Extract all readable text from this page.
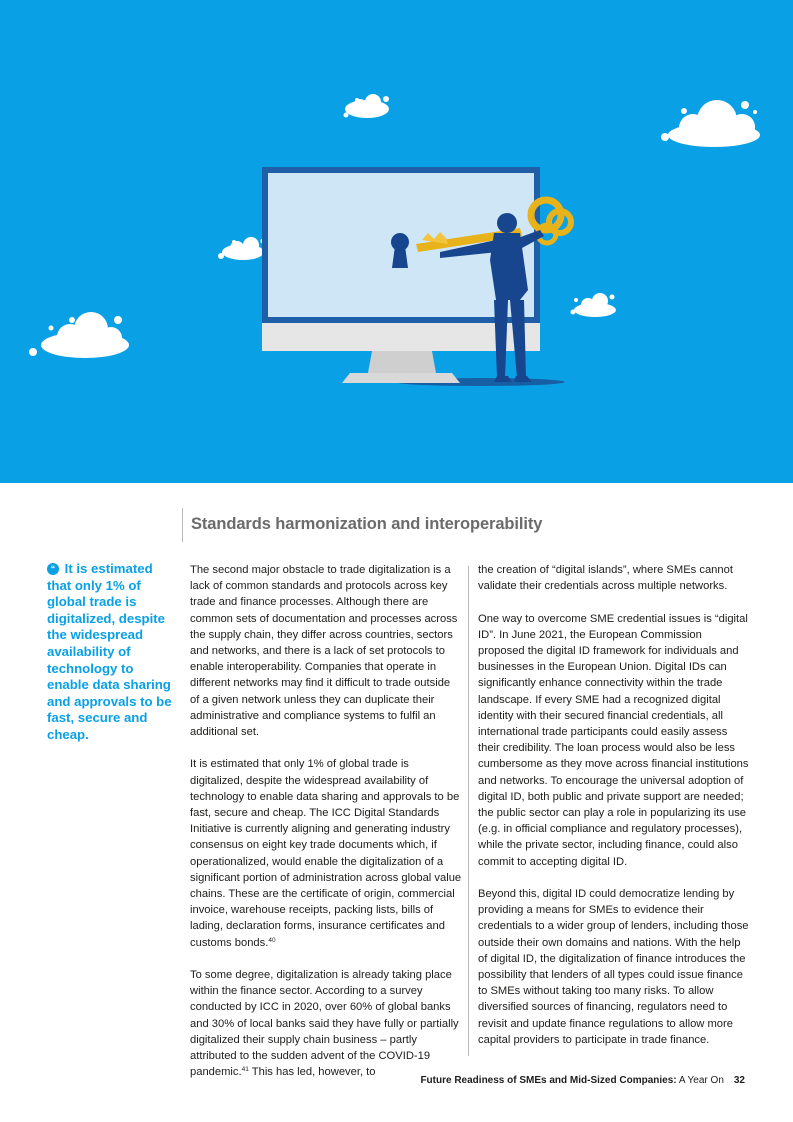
Standards harmonization and interoperability
“ It is estimated that only 1% of global trade is digitalized, despite the widespread availability of technology to enable data sharing and approvals to be fast, secure and cheap.

The second major obstacle to trade digitalization is a lack of common standards and protocols across key trade and finance processes. Although there are common sets of documentation and processes across the supply chain, they differ across countries, sectors and networks, and there is a lack of set protocols to enable interoperability. Companies that operate in different networks may find it difficult to trade outside of a given network unless they can duplicate their administrative and compliance systems to fulfil an additional set.

It is estimated that only 1% of global trade is digitalized, despite the widespread availability of technology to enable data sharing and approvals to be fast, secure and cheap. The ICC Digital Standards Initiative is currently aligning and generating industry consensus on eight key trade documents which, if operationalized, would enable the digitalization of a significant portion of administration across global value chains. These are the certificate of origin, commercial invoice, warehouse receipts, packing lists, bills of lading, declaration forms, insurance certificates and customs bonds.$^{40}$

To some degree, digitalization is already taking place within the finance sector. According to a survey conducted by ICC in 2020, over 60% of global banks and 30% of local banks said they have fully or partially digitalized their supply chain business – partly attributed to the sudden advent of the COVID-19 pandemic.$^{41}$ This has led, however, to

the creation of “digital islands”, where SMEs cannot validate their credentials across multiple networks.

One way to overcome SME credential issues is “digital ID”. In June 2021, the European Commission proposed the digital ID framework for individuals and businesses in the European Union. Digital IDs can significantly enhance connectivity within the trade landscape. If every SME had a recognized digital identity with their secured financial credentials, all international trade participants could easily assess their credibility. The loan process would also be less cumbersome as they move across financial institutions and networks. To encourage the universal adoption of digital ID, both public and private support are needed; the public sector can play a role in popularizing its use (e.g. in official compliance and regulatory processes), while the private sector, including finance, could also commit to accepting digital ID.

Beyond this, digital ID could democratize lending by providing a means for SMEs to evidence their credentials to a wider group of lenders, including those outside their own domains and nations. With the help of digital ID, the digitalization of finance introduces the possibility that lenders of all types could issue finance to SMEs without taking too many risks. To allow diversified sources of financing, regulators need to revisit and update finance regulations to allow more capital providers to participate in trade finance.

Future Readiness of SMEs and Mid-Sized Companies: A Year On 32
